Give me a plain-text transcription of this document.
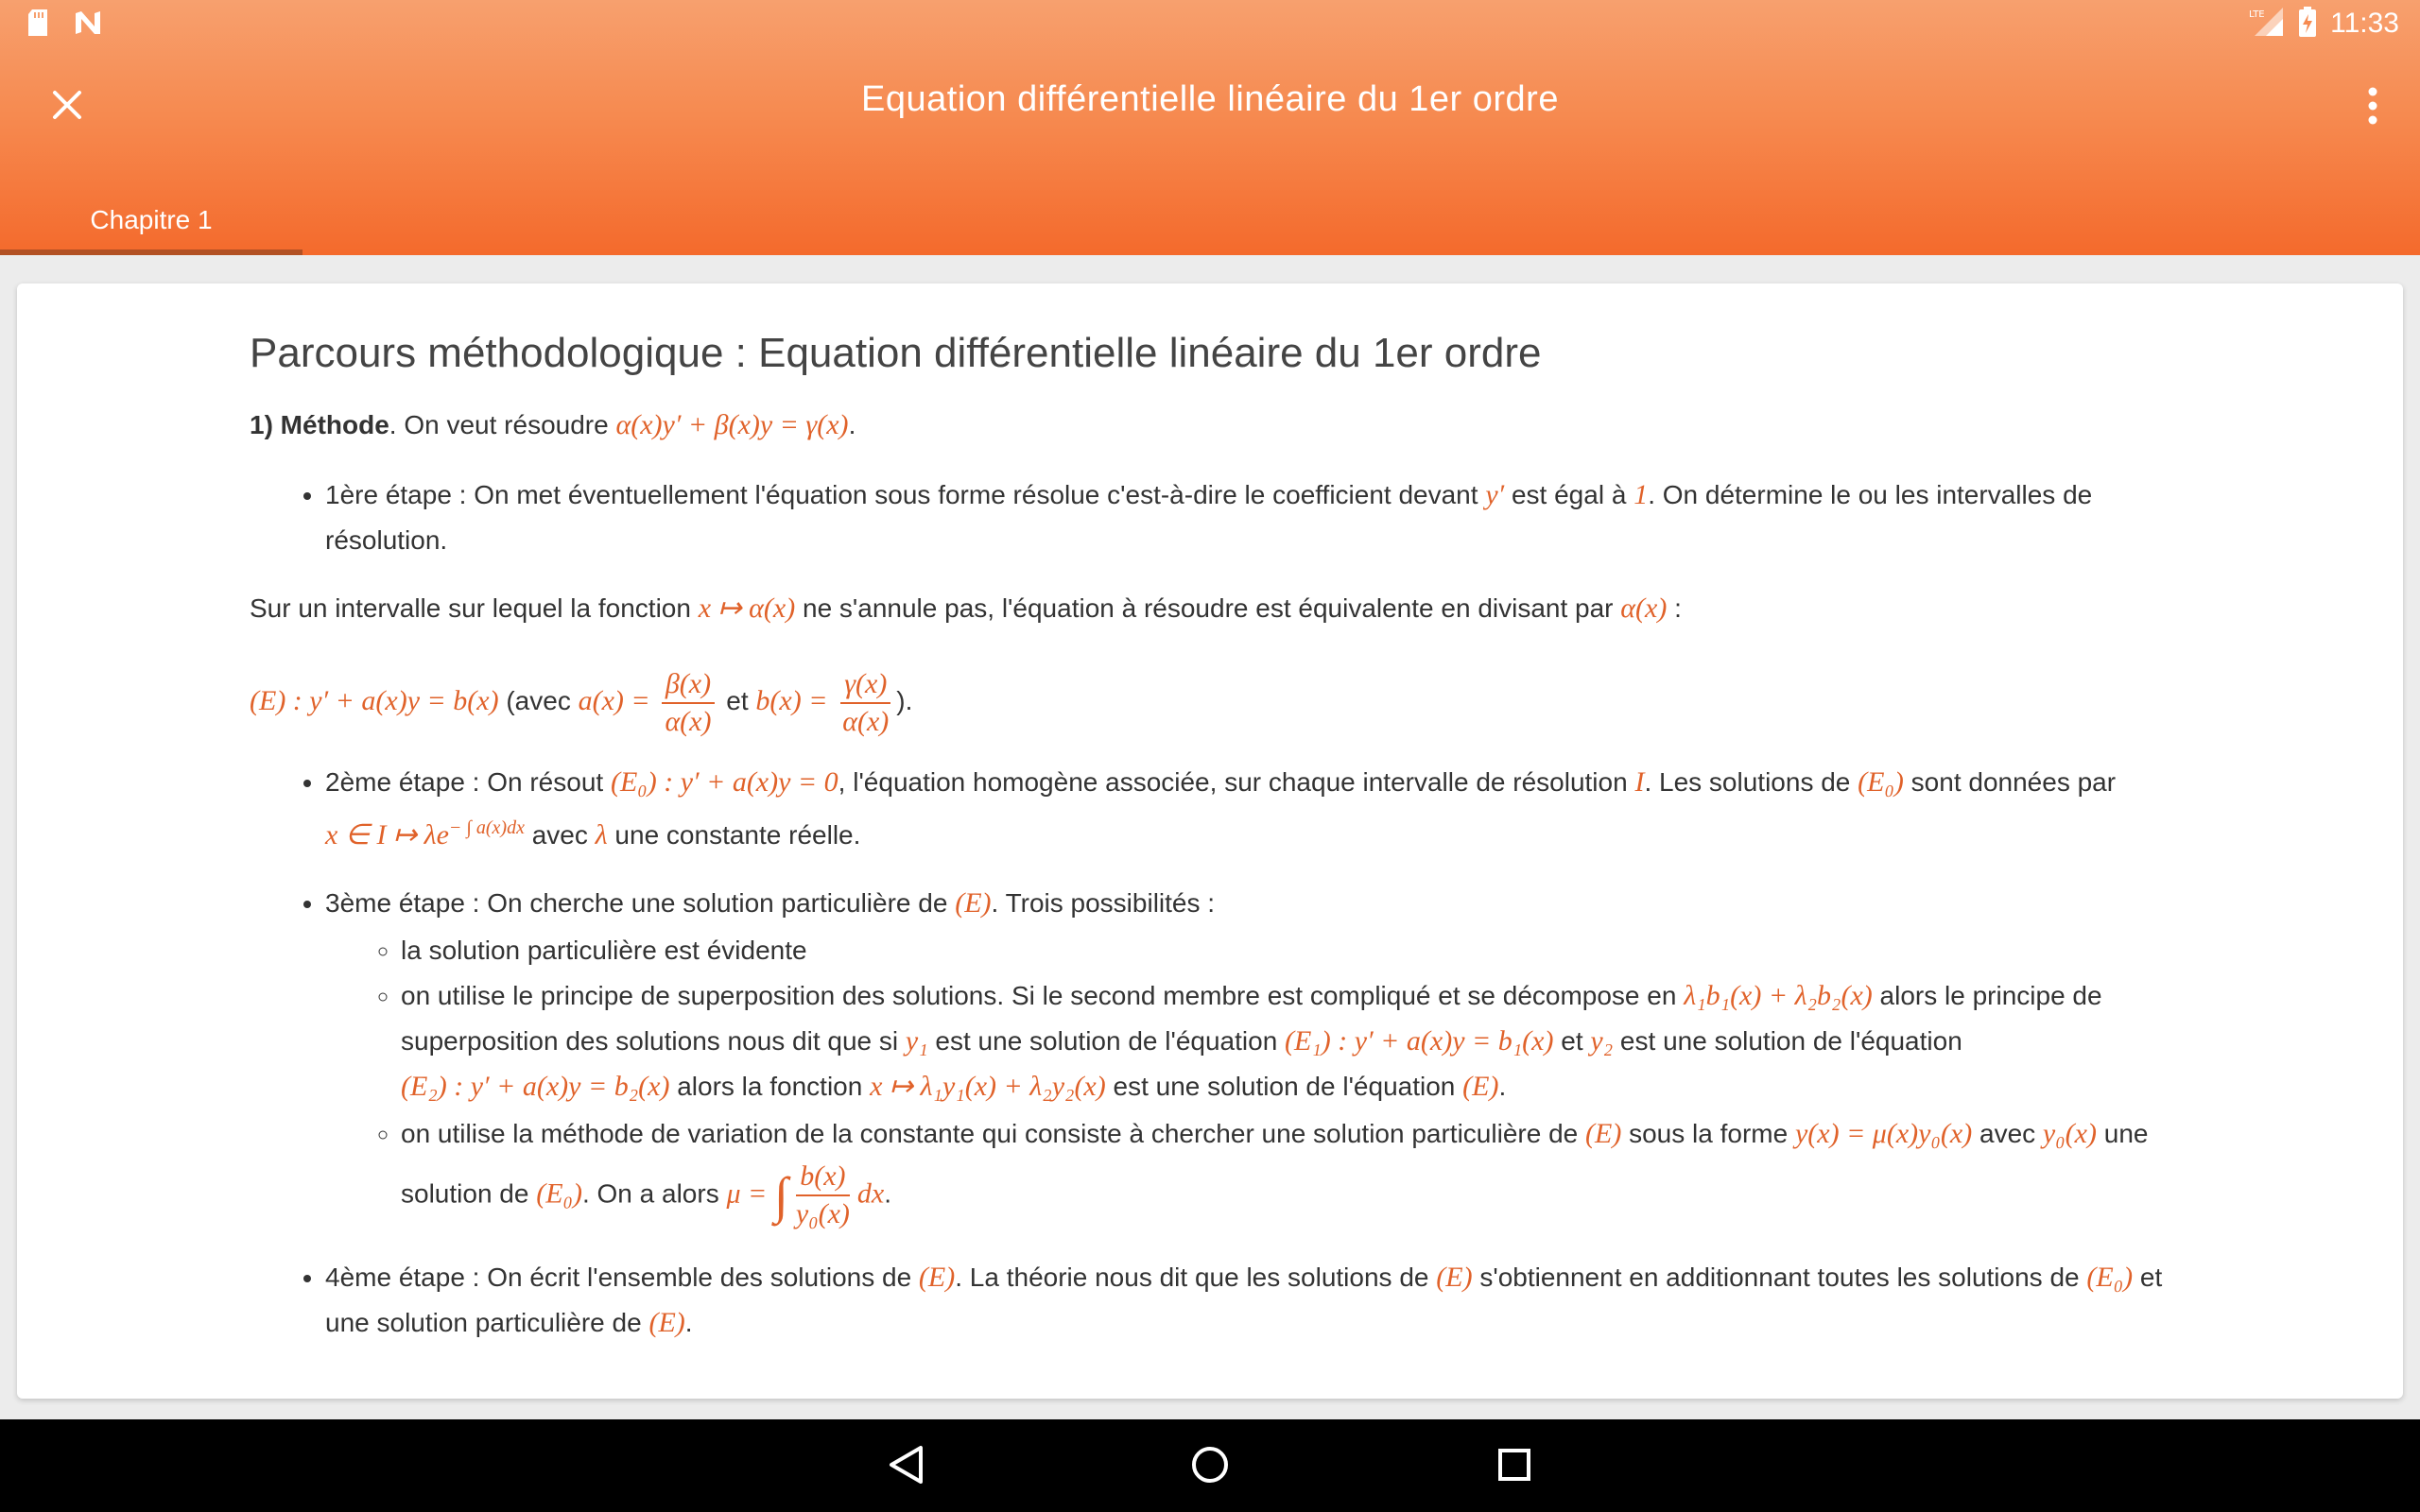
LTE 11:33
Equation différentielle linéaire du 1er ordre
Chapitre 1
Parcours méthodologique : Equation différentielle linéaire du 1er ordre

1) Méthode. On veut résoudre α(x)y′ + β(x)y = γ(x).

• 1ère étape : On met éventuellement l'équation sous forme résolue c'est-à-dire le coefficient devant y′ est égal à 1. On détermine le ou les intervalles de résolution.

Sur un intervalle sur lequel la fonction x ↦ α(x) ne s'annule pas, l'équation à résoudre est équivalente en divisant par α(x) :

(E) : y′ + a(x)y = b(x) (avec $a(x) = \frac{\beta(x)}{\alpha(x)}$ et $b(x) = \frac{\gamma(x)}{\alpha(x)}$ ).

• 2ème étape : On résout (E₀) : y′ + a(x)y = 0, l'équation homogène associée, sur chaque intervalle de résolution I. Les solutions de (E₀) sont données par x ∈ I ↦ $\lambda e^{- \int a(x)dx}$ avec λ une constante réelle.
• 3ème étape : On cherche une solution particulière de (E). Trois possibilités :
◦ la solution particulière est évidente
◦ on utilise le principe de superposition des solutions. Si le second membre est compliqué et se décompose en λ₁b₁(x) + λ₂b₂(x) alors le principe de superposition des solutions nous dit que si y₁ est une solution de l'équation (E₁) : y′ + a(x)y = b₁(x) et y₂ est une solution de l'équation (E₂) : y′ + a(x)y = b₂(x) alors la fonction x ↦ λ₁y₁(x) + λ₂y₂(x) est une solution de l'équation (E).
◦ on utilise la méthode de variation de la constante qui consiste à chercher une solution particulière de (E) sous la forme y(x) = μ(x)y₀(x) avec y₀(x) une solution de (E₀). On a alors μ = ∫ $\frac{b(x)}{\text{y₀(x)}}$ dx.
• 4ème étape : On écrit l'ensemble des solutions de (E). La théorie nous dit que les solutions de (E) s'obtiennent en additionnant toutes les solutions de (E₀) et une solution particulière de (E).
